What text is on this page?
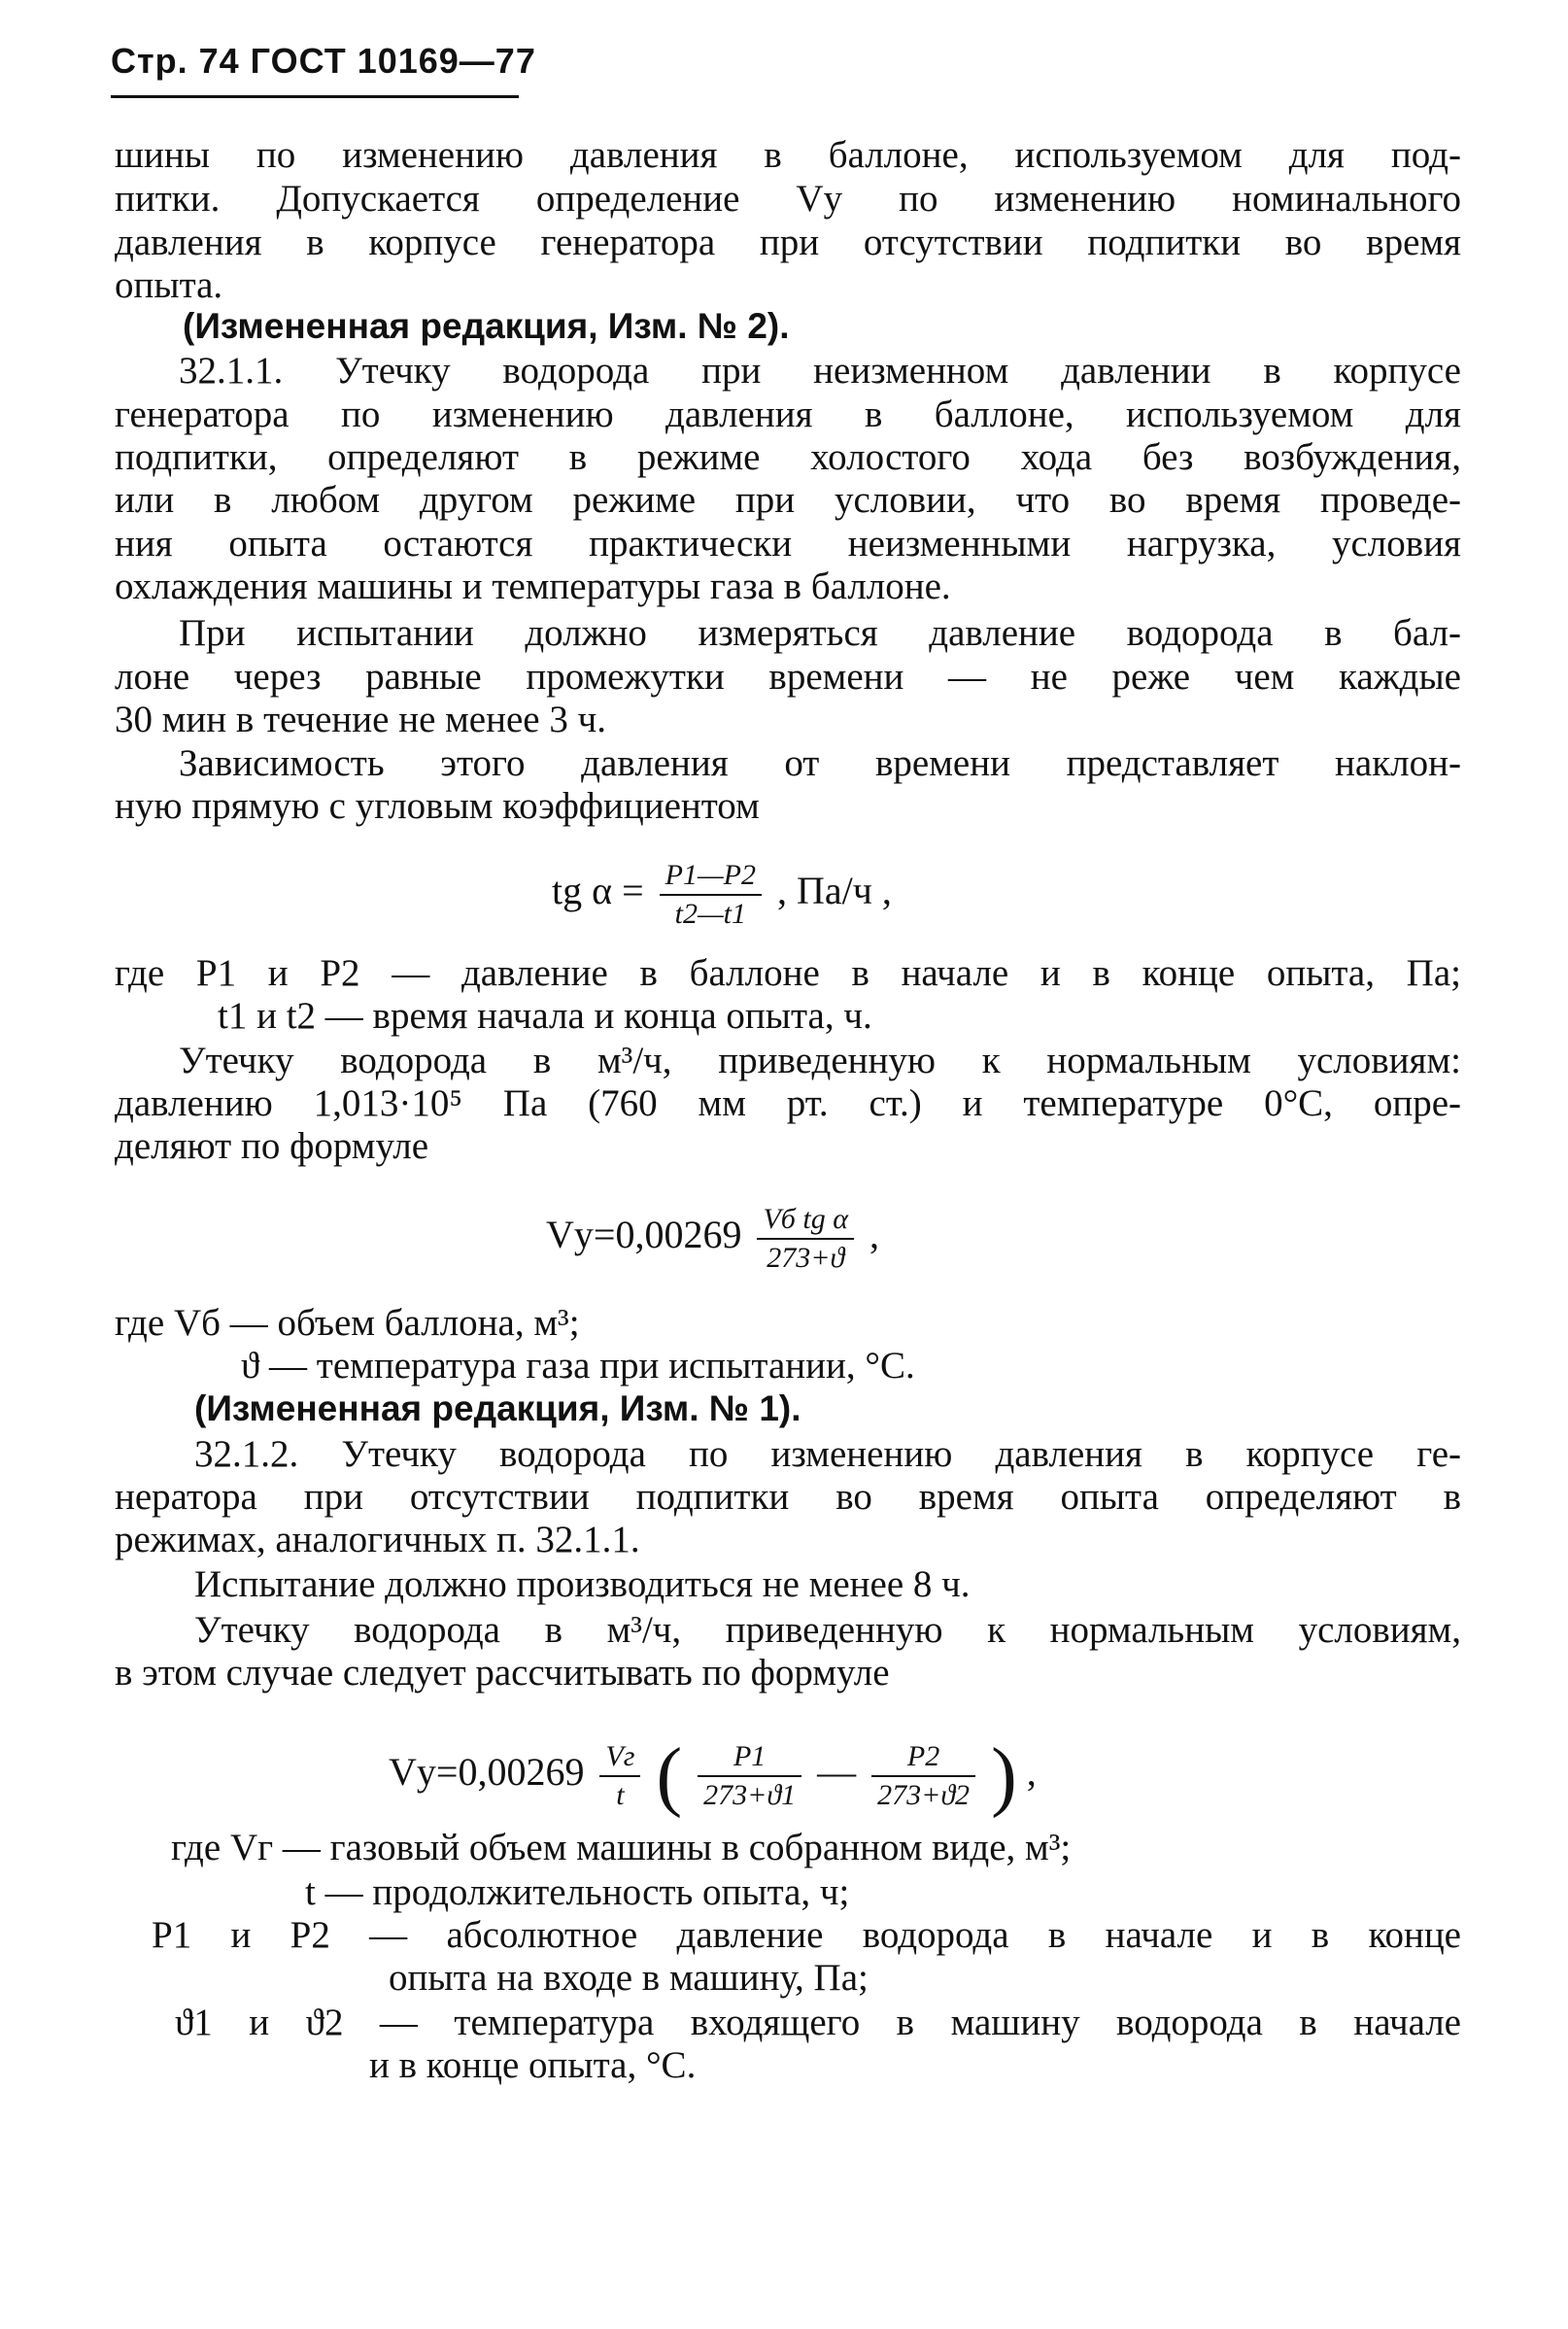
Стр. 74 ГОСТ 10169—77
шины по изменению давления в баллоне, используемом для под-
питки. Допускается определение Vу по изменению номинального
давления в корпусе генератора при отсутствии подпитки во время
опыта.
(Измененная редакция, Изм. № 2).
32.1.1. Утечку водорода при неизменном давлении в корпусе
генератора по изменению давления в баллоне, используемом для
подпитки, определяют в режиме холостого хода без возбуждения,
или в любом другом режиме при условии, что во время проведе-
ния опыта остаются практически неизменными нагрузка, условия
охлаждения машины и температуры газа в баллоне.
При испытании должно измеряться давление водорода в бал-
лоне через равные промежутки времени — не реже чем каждые
30 мин в течение не менее 3 ч.
Зависимость этого давления от времени представляет наклон-
ную прямую с угловым коэффициентом
где P1 и P2 — давление в баллоне в начале и в конце опыта, Па;
t1 и t2 — время начала и конца опыта, ч.
Утечку водорода в м³/ч, приведенную к нормальным условиям:
давлению 1,013·10⁵ Па (760 мм рт. ст.) и температуре 0°С, опре-
деляют по формуле
где Vб — объем баллона, м³;
ϑ — температура газа при испытании, °С.
(Измененная редакция, Изм. № 1).
32.1.2. Утечку водорода по изменению давления в корпусе ге-
нератора при отсутствии подпитки во время опыта определяют в
режимах, аналогичных п. 32.1.1.
Испытание должно производиться не менее 8 ч.
Утечку водорода в м³/ч, приведенную к нормальным условиям,
в этом случае следует рассчитывать по формуле
где Vг — газовый объем машины в собранном виде, м³;
t — продолжительность опыта, ч;
P1 и P2 — абсолютное давление водорода в начале и в конце
опыта на входе в машину, Па;
ϑ1 и ϑ2 — температура входящего в машину водорода в начале
и в конце опыта, °С.
tg $\alpha = \frac{P1—P2}{t2—t1}$ , Па/ч ,
$Vу=0,00269 \frac{\text{Vб tg α}}{273+ϑ}$ ,
$Vу=0,00269 \frac{Vг}{t}$ ( $\frac{P1}{273+ϑ1}$ — $\frac{P2}{273+ϑ2}$ ) ,
